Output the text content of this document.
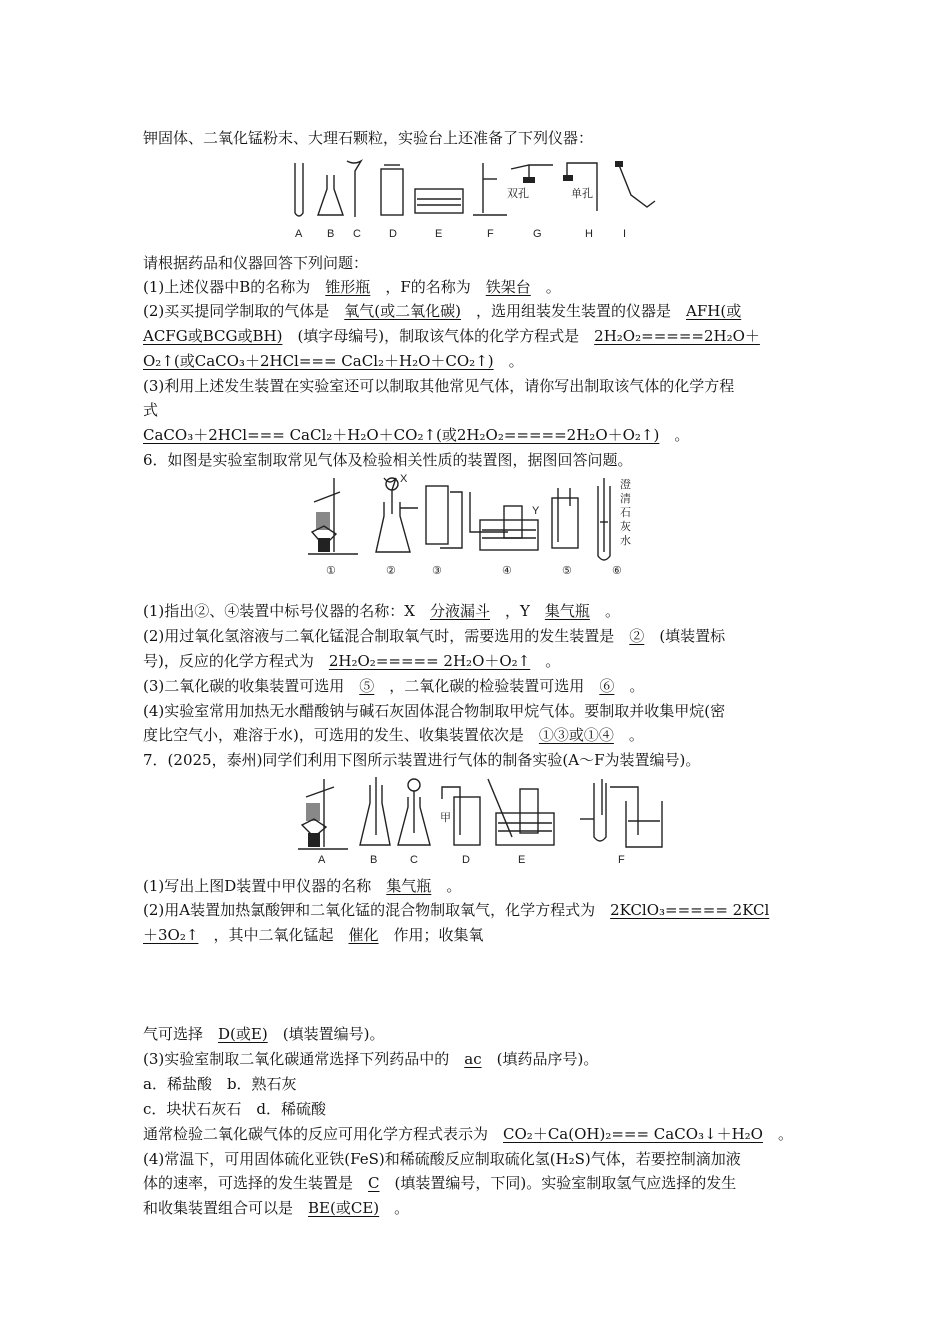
钾固体、二氧化锰粉末、大理石颗粒，实验台上还准备了下列仪器：
双孔	单孔
A B C	D	E	F	G	H	I
请根据药品和仪器回答下列问题：
(1)上述仪器中B的名称为　 锥形瓶　 ，F的名称为　 铁架台　 。
(2)买买提同学制取的气体是　 氧气(或二氧化碳)　 ，选用组装发生装置的仪器是　 AFH(或
ACFG或BCG或BH)　 (填字母编号)，制取该气体的化学方程式是　 2H₂O₂=====2H₂O＋
O₂↑(或CaCO₃＋2HCl=== CaCl₂＋H₂O＋CO₂↑)　 。
(3)利用上述发生装置在实验室还可以制取其他常见气体，请你写出制取该气体的化学方程
式
CaCO₃＋2HCl=== CaCl₂＋H₂O＋CO₂↑(或2H₂O₂=====2H₂O＋O₂↑)　 。
6．如图是实验室制取常见气体及检验相关性质的装置图，据图回答问题。
X
Y
澄
清
石
灰
水
①	②	③	④	⑤	⑥
(1)指出②、④装置中标号仪器的名称：X　 分液漏斗　 ，Y　 集气瓶　 。
(2)用过氧化氢溶液与二氧化锰混合制取氧气时，需要选用的发生装置是　 ②　 (填装置标
号)，反应的化学方程式为　 2H₂O₂===== 2H₂O＋O₂↑　 。
(3)二氧化碳的收集装置可选用　 ⑤　 ，二氧化碳的检验装置可选用　 ⑥　 。
(4)实验室常用加热无水醋酸钠与碱石灰固体混合物制取甲烷气体。要制取并收集甲烷(密
度比空气小，难溶于水)，可选用的发生、收集装置依次是　 ①③或①④　 。
7．(2025，泰州)同学们利用下图所示装置进行气体的制备实验(A～F为装置编号)。
甲
A	B	C	D	E	F
(1)写出上图D装置中甲仪器的名称　 集气瓶　 。
(2)用A装置加热氯酸钾和二氧化锰的混合物制取氧气，化学方程式为　 2KClO₃===== 2KCl
＋3O₂↑　 ，其中二氧化锰起　 催化　 作用；收集氧
气可选择　 D(或E)　 (填装置编号)。
(3)实验室制取二氧化碳通常选择下列药品中的　 ac　 (填药品序号)。
a．稀盐酸　b．熟石灰
c．块状石灰石　d．稀硫酸
通常检验二氧化碳气体的反应可用化学方程式表示为　 CO₂＋Ca(OH)₂=== CaCO₃↓＋H₂O　 。
(4)常温下，可用固体硫化亚铁(FeS)和稀硫酸反应制取硫化氢(H₂S)气体，若要控制滴加液
体的速率，可选择的发生装置是　 C　 (填装置编号，下同)。实验室制取氢气应选择的发生
和收集装置组合可以是　 BE(或CE)　 。
